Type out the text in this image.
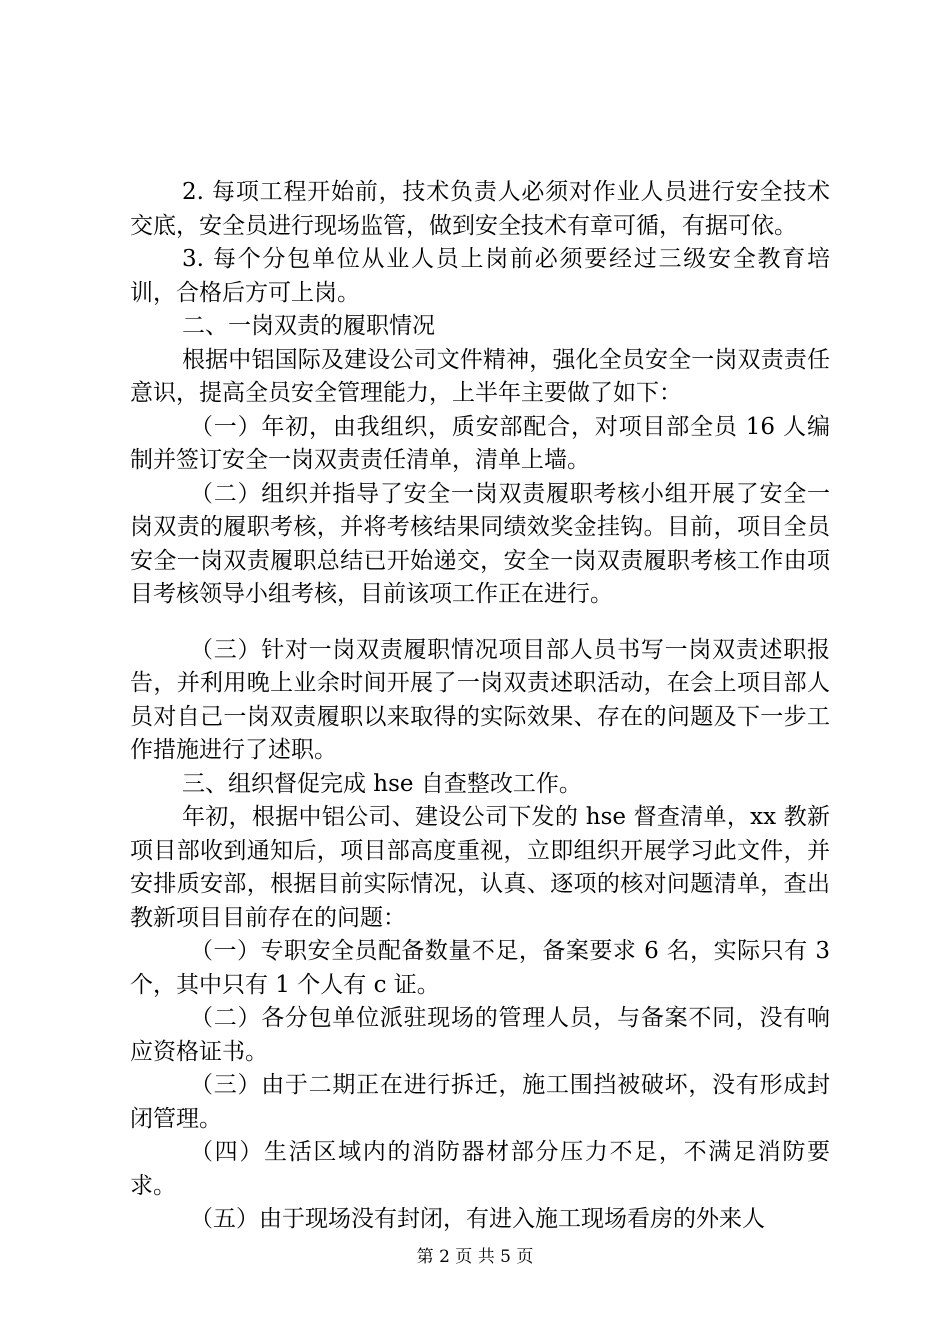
2. 每项工程开始前，技术负责人必须对作业人员进行安全技术交底，安全员进行现场监管，做到安全技术有章可循，有据可依。

3. 每个分包单位从业人员上岗前必须要经过三级安全教育培训，合格后方可上岗。

二、一岗双责的履职情况

根据中铝国际及建设公司文件精神，强化全员安全一岗双责责任意识，提高全员安全管理能力，上半年主要做了如下：

（一）年初，由我组织，质安部配合，对项目部全员 16 人编制并签订安全一岗双责责任清单，清单上墙。

（二）组织并指导了安全一岗双责履职考核小组开展了安全一岗双责的履职考核，并将考核结果同绩效奖金挂钩。目前，项目全员安全一岗双责履职总结已开始递交，安全一岗双责履职考核工作由项目考核领导小组考核，目前该项工作正在进行。

（三）针对一岗双责履职情况项目部人员书写一岗双责述职报告，并利用晚上业余时间开展了一岗双责述职活动，在会上项目部人员对自己一岗双责履职以来取得的实际效果、存在的问题及下一步工作措施进行了述职。

三、组织督促完成 hse 自查整改工作。

年初，根据中铝公司、建设公司下发的 hse 督查清单，xx 教新项目部收到通知后，项目部高度重视，立即组织开展学习此文件，并安排质安部，根据目前实际情况，认真、逐项的核对问题清单，查出教新项目目前存在的问题：

（一）专职安全员配备数量不足，备案要求 6 名，实际只有 3 个，其中只有 1 个人有 c 证。

（二）各分包单位派驻现场的管理人员，与备案不同，没有响应资格证书。

（三）由于二期正在进行拆迁，施工围挡被破坏，没有形成封闭管理。

（四）生活区域内的消防器材部分压力不足，不满足消防要求。

（五）由于现场没有封闭，有进入施工现场看房的外来人

第 2 页 共 5 页
